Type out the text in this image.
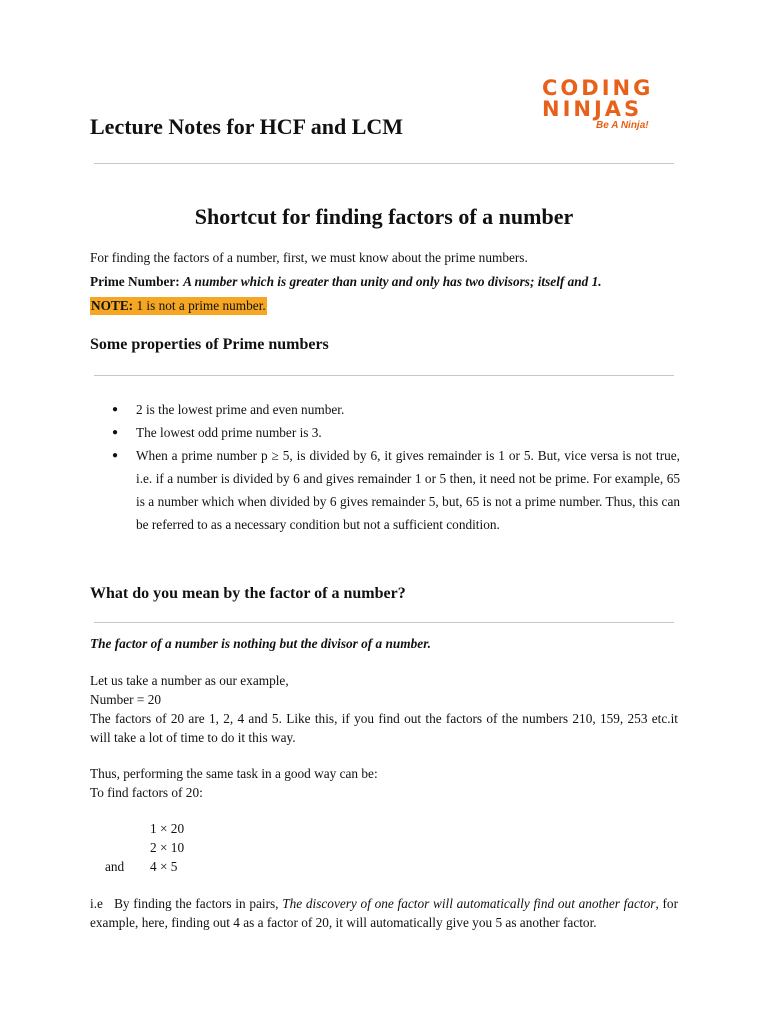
CODING
NINJAS
Be A Ninja!
Lecture Notes for HCF and LCM
Shortcut for finding factors of a number
For finding the factors of a number, first, we must know about the prime numbers.
Prime Number: A number which is greater than unity and only has two divisors; itself and 1.
NOTE: 1 is not a prime number.
Some properties of Prime numbers
● 2 is the lowest prime and even number.
● The lowest odd prime number is 3.
● When a prime number p ≥ 5, is divided by 6, it gives remainder is 1 or 5. But, vice versa is not true, i.e. if a number is divided by 6 and gives remainder 1 or 5 then, it need not be prime. For example, 65 is a number which when divided by 6 gives remainder 5, but, 65 is not a prime number. Thus, this can be referred to as a necessary condition but not a sufficient condition.
What do you mean by the factor of a number?
The factor of a number is nothing but the divisor of a number.
Let us take a number as our example,
Number = 20
The factors of 20 are 1, 2, 4 and 5. Like this, if you find out the factors of the numbers 210, 159, 253 etc.it will take a lot of time to do it this way.
Thus, performing the same task in a good way can be:
To find factors of 20:
1 × 20
2 × 10
and 4 × 5
i.e   By finding the factors in pairs, The discovery of one factor will automatically find out another factor, for example, here, finding out 4 as a factor of 20, it will automatically give you 5 as another factor.
